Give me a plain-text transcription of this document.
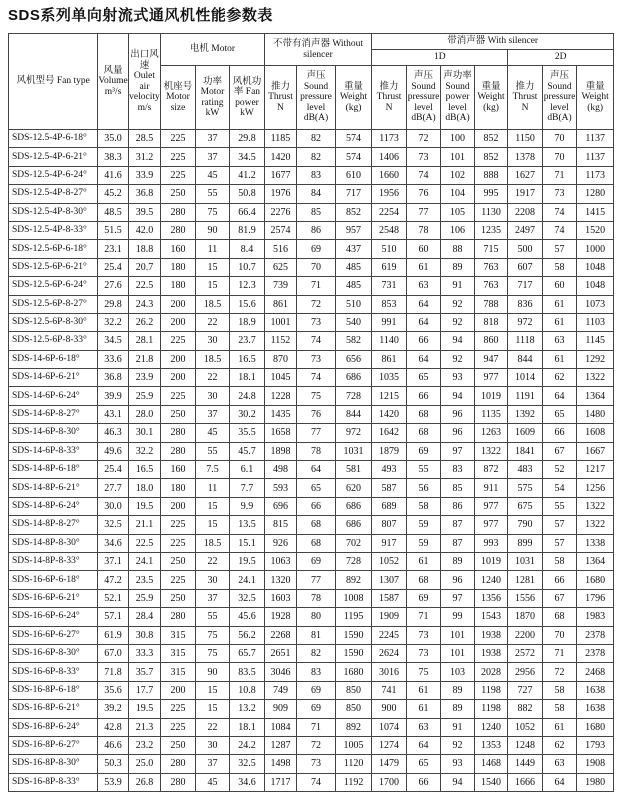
SDS系列单向射流式通风机性能参数表
风机型号 Fan type	风量 Volume m³/s	出口风速 Oulet air velocity m/s	电机 Motor			不带有消声器 Without silencer			带消声器 With silencer						
									1D				2D		
			机座号 Motor size	功率 Motor rating kW	风机功率 Fan power kW	推力 Thrust N	声压 Sound pressure level dB(A)	重量 Weight (kg)	推力 Thrust N	声压 Sound pressure level dB(A)	声功率 Sound power level dB(A)	重量 Weight (kg)	推力 Thrust N	声压 Sound pressure level dB(A)	重量 Weight (kg)
SDS-12.5-4P-6-18°	35.0	28.5	225	37	29.8	1185	82	574	1173	72	100	852	1150	70	1137
SDS-12.5-4P-6-21°	38.3	31.2	225	37	34.5	1420	82	574	1406	73	101	852	1378	70	1137
SDS-12.5-4P-6-24°	41.6	33.9	225	45	41.2	1677	83	610	1660	74	102	888	1627	71	1173
SDS-12.5-4P-8-27°	45.2	36.8	250	55	50.8	1976	84	717	1956	76	104	995	1917	73	1280
SDS-12.5-4P-8-30°	48.5	39.5	280	75	66.4	2276	85	852	2254	77	105	1130	2208	74	1415
SDS-12.5-4P-8-33°	51.5	42.0	280	90	81.9	2574	86	957	2548	78	106	1235	2497	74	1520
SDS-12.5-6P-6-18°	23.1	18.8	160	11	8.4	516	69	437	510	60	88	715	500	57	1000
SDS-12.5-6P-6-21°	25.4	20.7	180	15	10.7	625	70	485	619	61	89	763	607	58	1048
SDS-12.5-6P-6-24°	27.6	22.5	180	15	12.3	739	71	485	731	63	91	763	717	60	1048
SDS-12.5-6P-8-27°	29.8	24.3	200	18.5	15.6	861	72	510	853	64	92	788	836	61	1073
SDS-12.5-6P-8-30°	32.2	26.2	200	22	18.9	1001	73	540	991	64	92	818	972	61	1103
SDS-12.5-6P-8-33°	34.5	28.1	225	30	23.7	1152	74	582	1140	66	94	860	1118	63	1145
SDS-14-6P-6-18°	33.6	21.8	200	18.5	16.5	870	73	656	861	64	92	947	844	61	1292
SDS-14-6P-6-21°	36.8	23.9	200	22	18.1	1045	74	686	1035	65	93	977	1014	62	1322
SDS-14-6P-6-24°	39.9	25.9	225	30	24.8	1228	75	728	1215	66	94	1019	1191	64	1364
SDS-14-6P-8-27°	43.1	28.0	250	37	30.2	1435	76	844	1420	68	96	1135	1392	65	1480
SDS-14-6P-8-30°	46.3	30.1	280	45	35.5	1658	77	972	1642	68	96	1263	1609	66	1608
SDS-14-6P-8-33°	49.6	32.2	280	55	45.7	1898	78	1031	1879	69	97	1322	1841	67	1667
SDS-14-8P-6-18°	25.4	16.5	160	7.5	6.1	498	64	581	493	55	83	872	483	52	1217
SDS-14-8P-6-21°	27.7	18.0	180	11	7.7	593	65	620	587	56	85	911	575	54	1256
SDS-14-8P-6-24°	30.0	19.5	200	15	9.9	696	66	686	689	58	86	977	675	55	1322
SDS-14-8P-8-27°	32.5	21.1	225	15	13.5	815	68	686	807	59	87	977	790	57	1322
SDS-14-8P-8-30°	34.6	22.5	225	18.5	15.1	926	68	702	917	59	87	993	899	57	1338
SDS-14-8P-8-33°	37.1	24.1	250	22	19.5	1063	69	728	1052	61	89	1019	1031	58	1364
SDS-16-6P-6-18°	47.2	23.5	225	30	24.1	1320	77	892	1307	68	96	1240	1281	66	1680
SDS-16-6P-6-21°	52.1	25.9	250	37	32.5	1603	78	1008	1587	69	97	1356	1556	67	1796
SDS-16-6P-6-24°	57.1	28.4	280	55	45.6	1928	80	1195	1909	71	99	1543	1870	68	1983
SDS-16-6P-6-27°	61.9	30.8	315	75	56.2	2268	81	1590	2245	73	101	1938	2200	70	2378
SDS-16-6P-8-30°	67.0	33.3	315	75	65.7	2651	82	1590	2624	73	101	1938	2572	71	2378
SDS-16-6P-8-33°	71.8	35.7	315	90	83.5	3046	83	1680	3016	75	103	2028	2956	72	2468
SDS-16-8P-6-18°	35.6	17.7	200	15	10.8	749	69	850	741	61	89	1198	727	58	1638
SDS-16-8P-6-21°	39.2	19.5	225	15	13.2	909	69	850	900	61	89	1198	882	58	1638
SDS-16-8P-6-24°	42.8	21.3	225	22	18.1	1084	71	892	1074	63	91	1240	1052	61	1680
SDS-16-8P-6-27°	46.6	23.2	250	30	24.2	1287	72	1005	1274	64	92	1353	1248	62	1793
SDS-16-8P-8-30°	50.3	25.0	280	37	32.5	1498	73	1120	1479	65	93	1468	1449	63	1908
SDS-16-8P-8-33°	53.9	26.8	280	45	34.6	1717	74	1192	1700	66	94	1540	1666	64	1980
